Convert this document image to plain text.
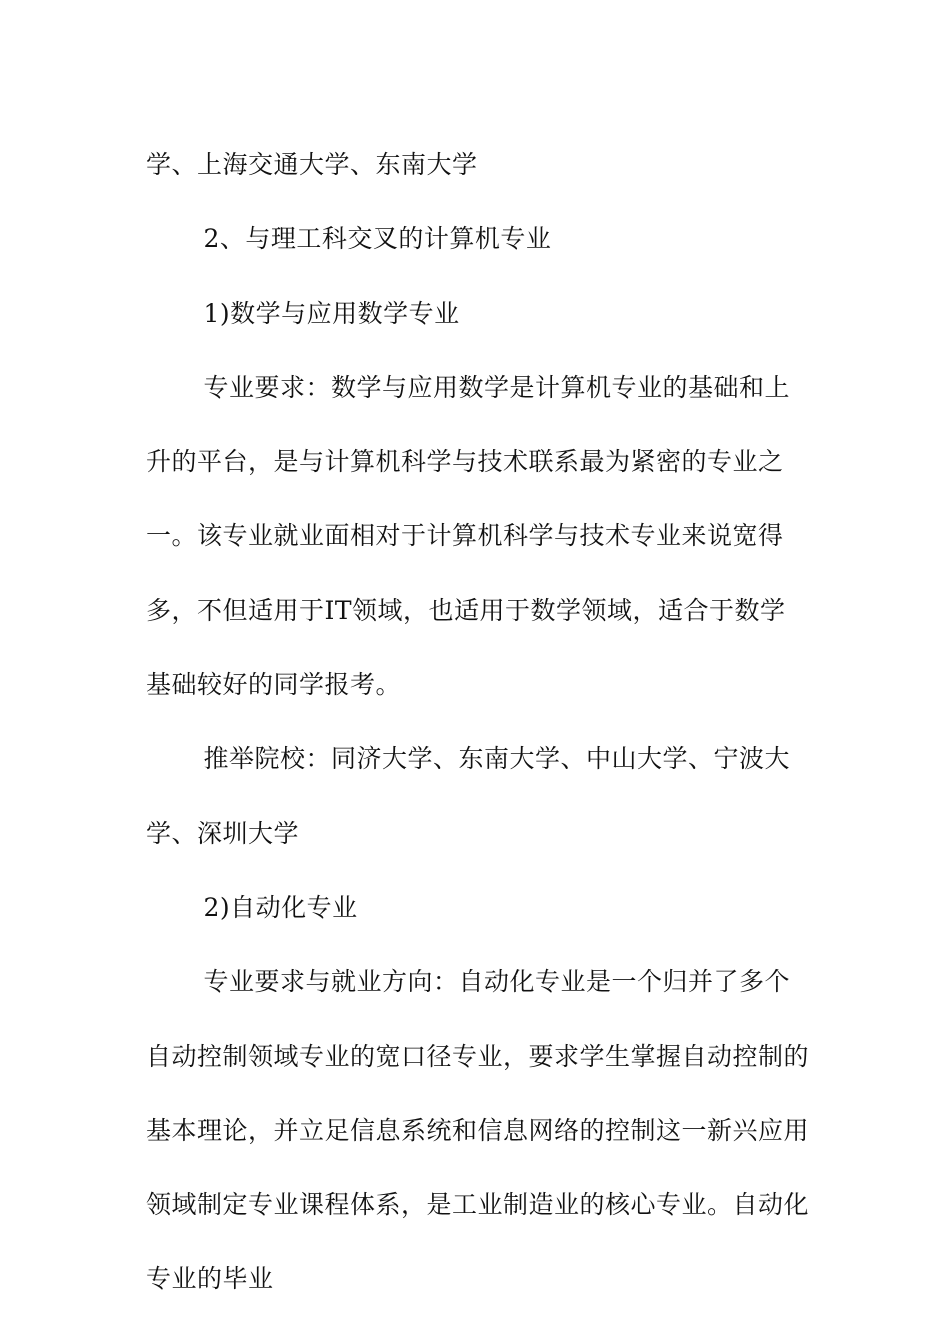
学、上海交通大学、东南大学

2、与理工科交叉的计算机专业

1)数学与应用数学专业

专业要求：数学与应用数学是计算机专业的基础和上升的平台，是与计算机科学与技术联系最为紧密的专业之一。该专业就业面相对于计算机科学与技术专业来说宽得多，不但适用于IT领域，也适用于数学领域，适合于数学基础较好的同学报考。

推举院校：同济大学、东南大学、中山大学、宁波大学、深圳大学

2)自动化专业

专业要求与就业方向：自动化专业是一个归并了多个自动控制领域专业的宽口径专业，要求学生掌握自动控制的基本理论，并立足信息系统和信息网络的控制这一新兴应用领域制定专业课程体系，是工业制造业的核心专业。自动化专业的毕业
